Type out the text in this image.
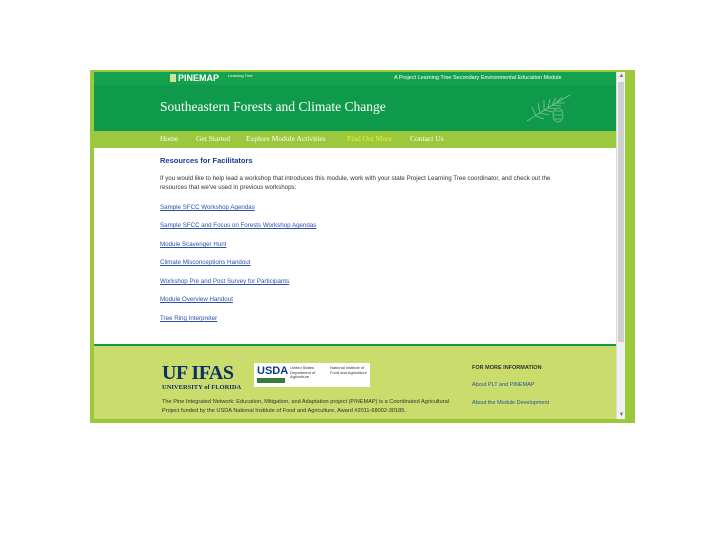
PINEMAP Learning Tree	A Project Learning Tree Secondary Environmental Education Module
Southeastern Forests and Climate Change
Home Get Started Explore Module Activities	Find Out More Contact Us
Resources for Facilitators
If you would like to help lead a workshop that introduces this module, work with your state Project Learning Tree coordinator, and check out the resources that we've used in previous workshops:
Sample SFCC Workshop Agendas
Sample SFCC and Focus on Forests Workshop Agendas
Module Scavenger Hunt
Climate Misconceptions Handout
Workshop Pre and Post Survey for Participants
Module Overview Handout
Tree Ring Interpreter
UF IFAS
UNIVERSITY of FLORIDA
USDA United States Department of Agriculture
National Institute of Food and Agriculture
The Pine Integrated Network: Education, Mitigation, and Adaptation project (PINEMAP) is a Coordinated Agricultural Project funded by the USDA National Institute of Food and Agriculture, Award #2011-68002-30185.
FOR MORE INFORMATION
About PLT and PINEMAP
About the Module Development
▲
▼
